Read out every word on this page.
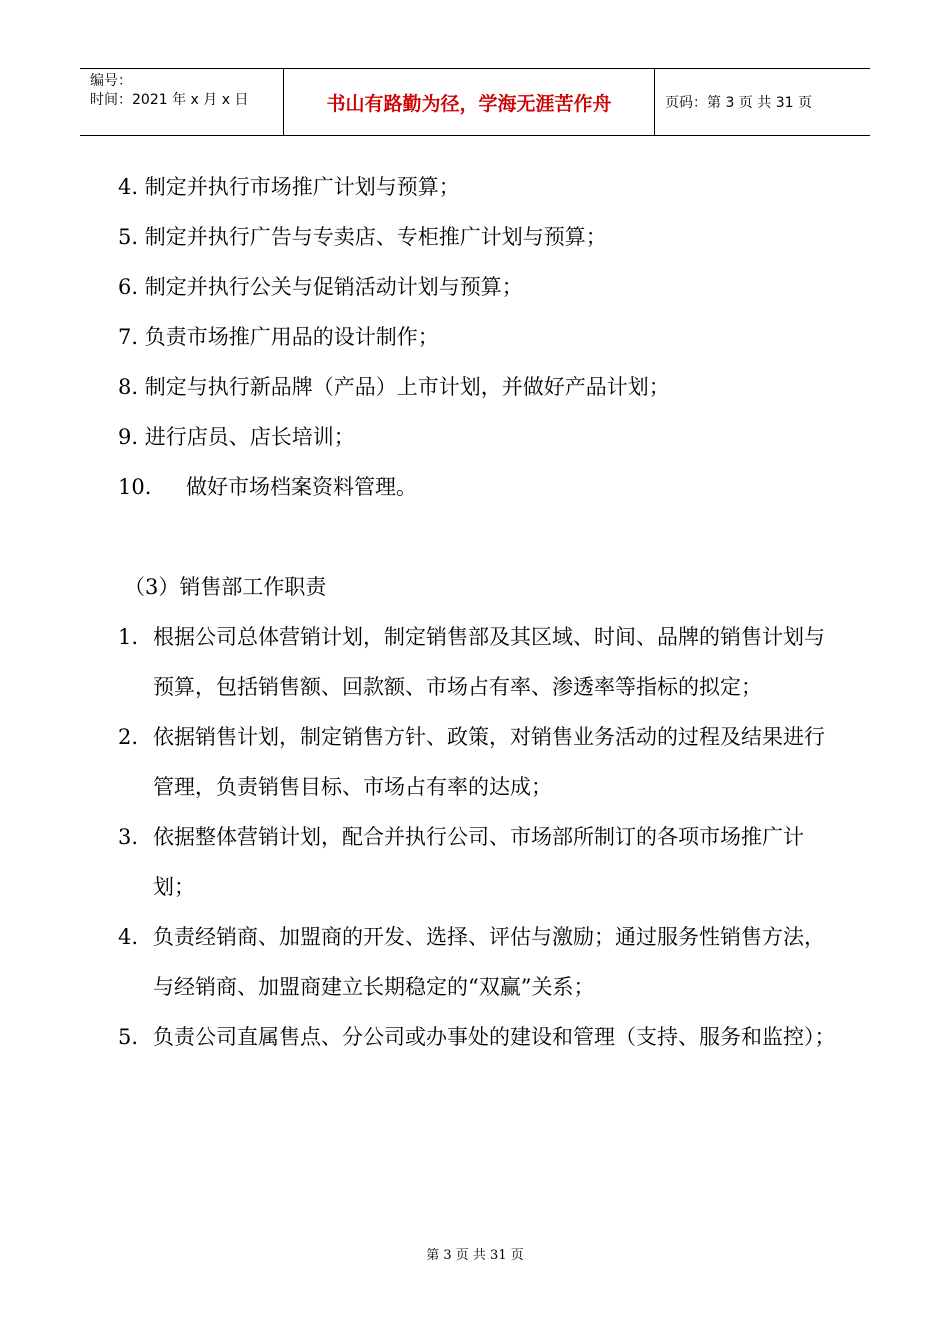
编号：
时间：2021 年 x 月 x 日	书山有路勤为径，学海无涯苦作舟	页码：第 3 页 共 31 页
4. 制定并执行市场推广计划与预算；
5. 制定并执行广告与专卖店、专柜推广计划与预算；
6. 制定并执行公关与促销活动计划与预算；
7. 负责市场推广用品的设计制作；
8. 制定与执行新品牌（产品）上市计划，并做好产品计划；
9. 进行店员、店长培训；
10. 做好市场档案资料管理。
（3）销售部工作职责
1. 根据公司总体营销计划，制定销售部及其区域、时间、品牌的销售计划与预算，包括销售额、回款额、市场占有率、渗透率等指标的拟定；
2. 依据销售计划，制定销售方针、政策，对销售业务活动的过程及结果进行管理，负责销售目标、市场占有率的达成；
3. 依据整体营销计划，配合并执行公司、市场部所制订的各项市场推广计划；
4. 负责经销商、加盟商的开发、选择、评估与激励；通过服务性销售方法，与经销商、加盟商建立长期稳定的“双赢”关系；
5. 负责公司直属售点、分公司或办事处的建设和管理（支持、服务和监控）；
第 3 页 共 31 页
